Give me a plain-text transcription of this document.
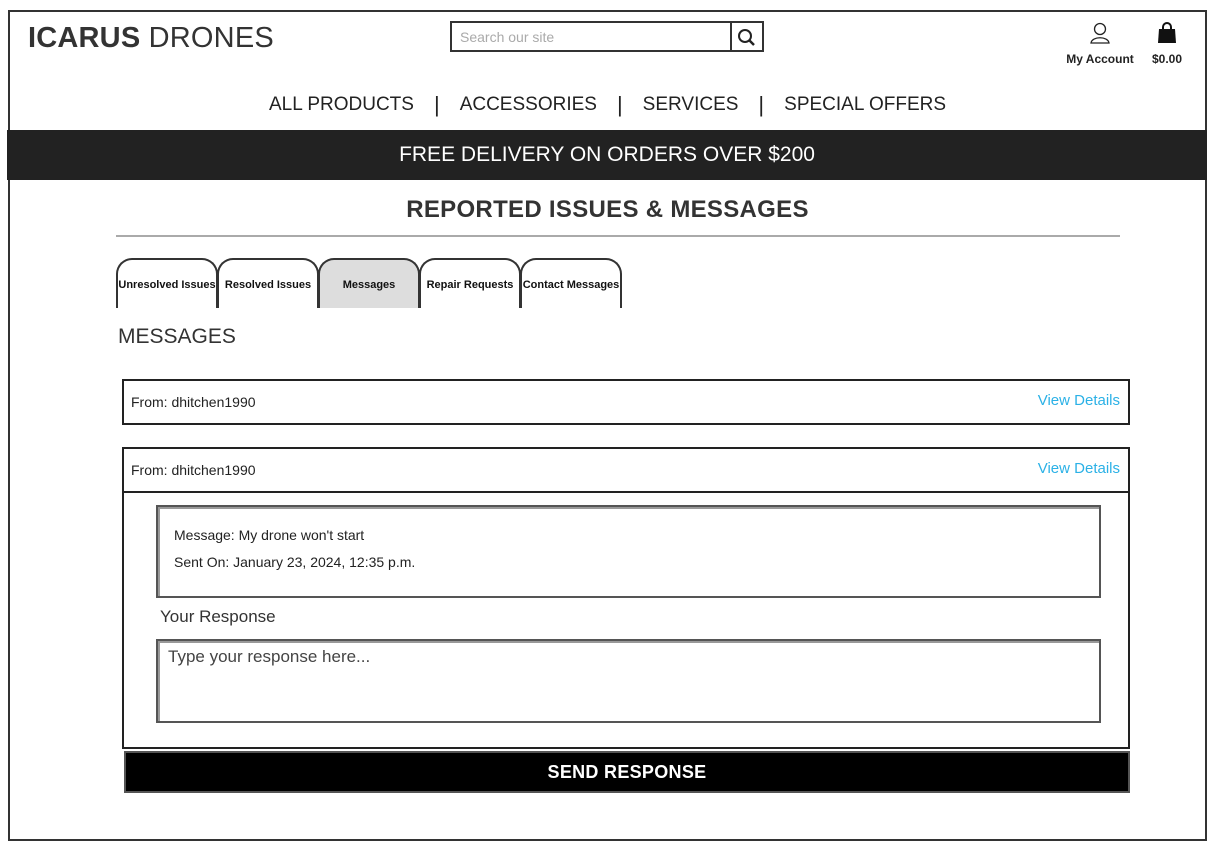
ICARUS DRONES
Search our site
My Account	$0.00
ALL PRODUCTS |	ACCESSORIES |	SERVICES |	SPECIAL OFFERS
FREE DELIVERY ON ORDERS OVER $200
REPORTED ISSUES & MESSAGES
Unresolved Issues Resolved Issues	Messages	Repair Requests Contact Messages
MESSAGES
From: dhitchen1990	View Details
From: dhitchen1990	View Details
Message: My drone won't start
Sent On: January 23, 2024, 12:35 p.m.
Your Response
Type your response here...
SEND RESPONSE
